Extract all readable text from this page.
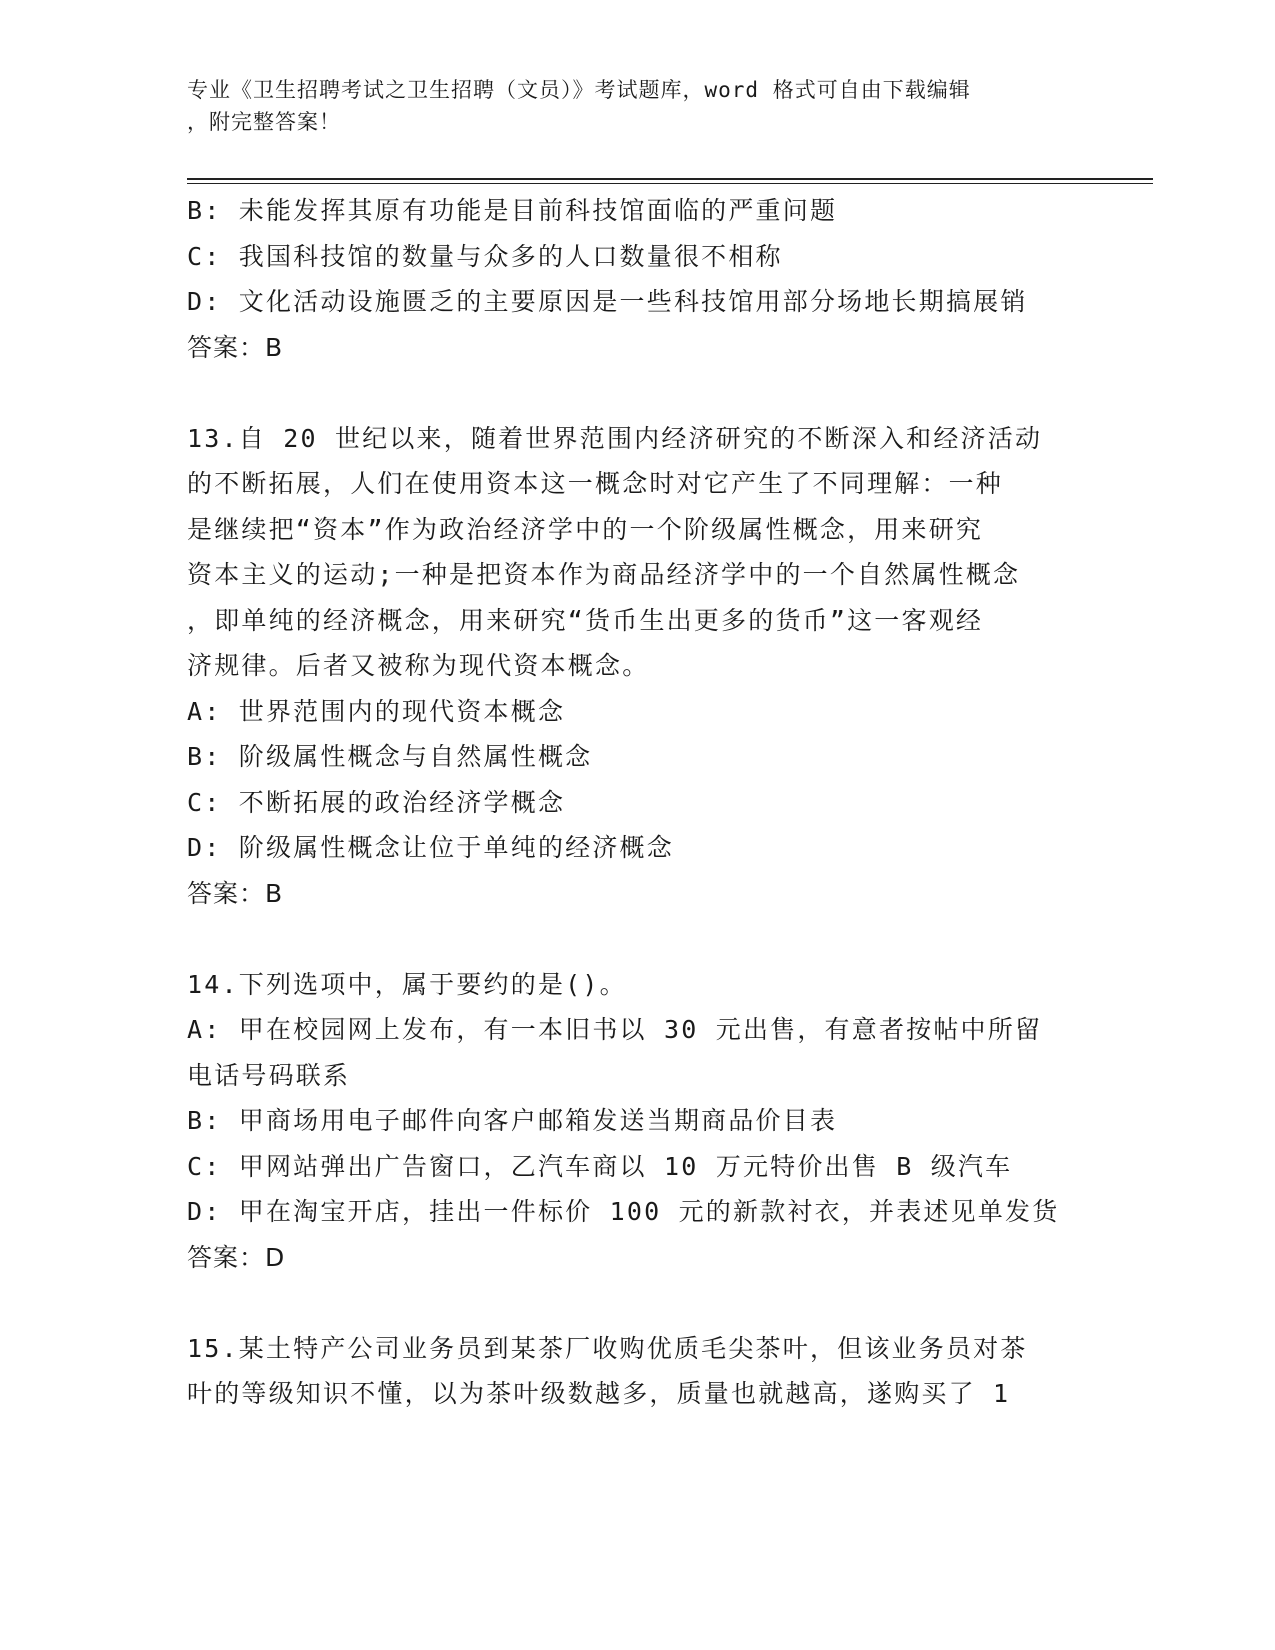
专业《卫生招聘考试之卫生招聘（文员）》考试题库，word 格式可自由下载编辑
，附完整答案！
B: 未能发挥其原有功能是目前科技馆面临的严重问题
C: 我国科技馆的数量与众多的人口数量很不相称
D: 文化活动设施匮乏的主要原因是一些科技馆用部分场地长期搞展销
答案：B
13.自 20 世纪以来，随着世界范围内经济研究的不断深入和经济活动
的不断拓展，人们在使用资本这一概念时对它产生了不同理解：一种
是继续把“资本”作为政治经济学中的一个阶级属性概念，用来研究
资本主义的运动;一种是把资本作为商品经济学中的一个自然属性概念
，即单纯的经济概念，用来研究“货币生出更多的货币”这一客观经
济规律。后者又被称为现代资本概念。
A: 世界范围内的现代资本概念
B: 阶级属性概念与自然属性概念
C: 不断拓展的政治经济学概念
D: 阶级属性概念让位于单纯的经济概念
答案：B
14.下列选项中，属于要约的是()。
A: 甲在校园网上发布，有一本旧书以 30 元出售，有意者按帖中所留
电话号码联系
B: 甲商场用电子邮件向客户邮箱发送当期商品价目表
C: 甲网站弹出广告窗口，乙汽车商以 10 万元特价出售 B 级汽车
D: 甲在淘宝开店，挂出一件标价 100 元的新款衬衣，并表述见单发货
答案：D
15.某土特产公司业务员到某茶厂收购优质毛尖茶叶，但该业务员对茶
叶的等级知识不懂，以为茶叶级数越多，质量也就越高，遂购买了 1
